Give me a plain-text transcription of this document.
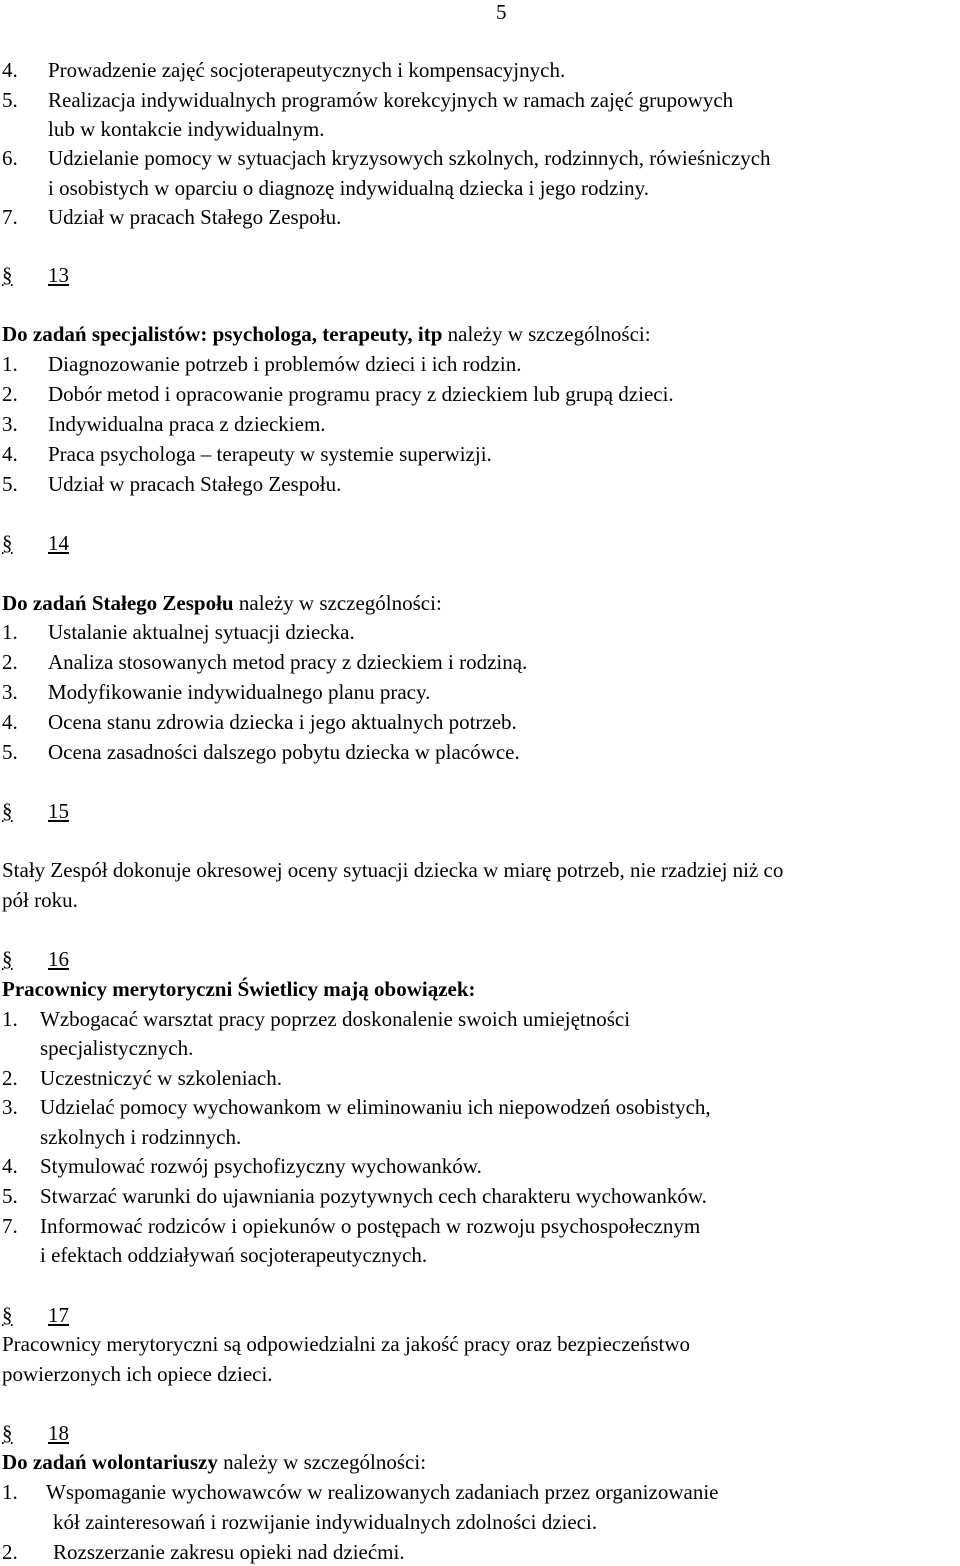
5
4. Prowadzenie zajęć socjoterapeutycznych i kompensacyjnych.
5. Realizacja indywidualnych programów korekcyjnych w ramach zajęć grupowych
lub w kontakcie indywidualnym.
6. Udzielanie pomocy w sytuacjach kryzysowych szkolnych, rodzinnych, rówieśniczych
i osobistych w oparciu o diagnozę indywidualną dziecka i jego rodziny.
7. Udział w pracach Stałego Zespołu.
§ 13
Do zadań specjalistów: psychologa, terapeuty, itp należy w szczególności:
1. Diagnozowanie potrzeb i problemów dzieci i ich rodzin.
2. Dobór metod i opracowanie programu pracy z dzieckiem lub grupą dzieci.
3. Indywidualna praca z dzieckiem.
4. Praca psychologa – terapeuty w systemie superwizji.
5. Udział w pracach Stałego Zespołu.
§ 14
Do zadań Stałego Zespołu należy w szczególności:
1. Ustalanie aktualnej sytuacji dziecka.
2. Analiza stosowanych metod pracy z dzieckiem i rodziną.
3. Modyfikowanie indywidualnego planu pracy.
4. Ocena stanu zdrowia dziecka i jego aktualnych potrzeb.
5. Ocena zasadności dalszego pobytu dziecka w placówce.
§ 15
Stały Zespół dokonuje okresowej oceny sytuacji dziecka w miarę potrzeb, nie rzadziej niż co
pół roku.
§ 16
Pracownicy merytoryczni Świetlicy mają obowiązek:
1. Wzbogacać warsztat pracy poprzez doskonalenie swoich umiejętności
specjalistycznych.
2. Uczestniczyć w szkoleniach.
3. Udzielać pomocy wychowankom w eliminowaniu ich niepowodzeń osobistych,
szkolnych i rodzinnych.
4. Stymulować rozwój psychofizyczny wychowanków.
5. Stwarzać warunki do ujawniania pozytywnych cech charakteru wychowanków.
7. Informować rodziców i opiekunów o postępach w rozwoju psychospołecznym
i efektach oddziaływań socjoterapeutycznych.
§ 17
Pracownicy merytoryczni są odpowiedzialni za jakość pracy oraz bezpieczeństwo
powierzonych ich opiece dzieci.
§ 18
Do zadań wolontariuszy należy w szczególności:
1. Wspomaganie wychowawców w realizowanych zadaniach przez organizowanie
kół zainteresowań i rozwijanie indywidualnych zdolności dzieci.
2. Rozszerzanie zakresu opieki nad dziećmi.
